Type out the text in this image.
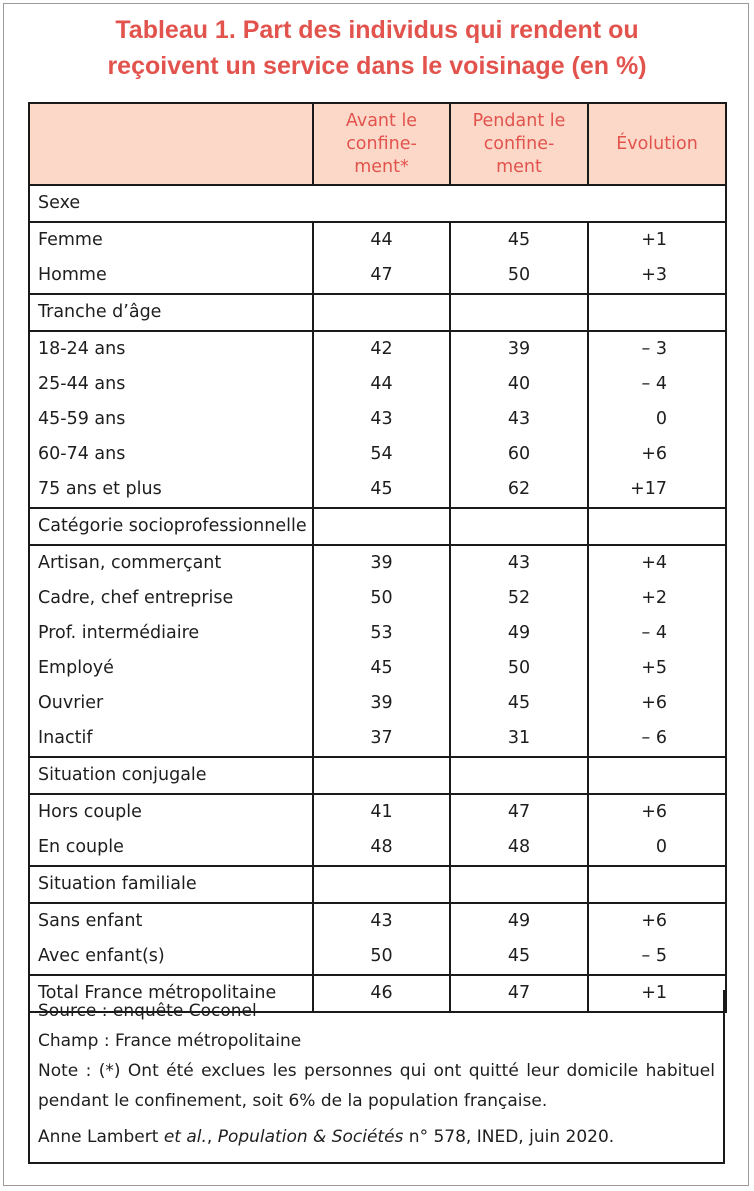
Tableau 1. Part des individus qui rendent ou
reçoivent un service dans le voisinage (en %)
	Avant le confine- ment*	Pendant le confine- ment	Évolution
Sexe			
Femme	44	45	+1
Homme	47	50	+3
Tranche d’âge			
18-24 ans	42	39	– 3
25-44 ans	44	40	– 4
45-59 ans	43	43	0
60-74 ans	54	60	+6
75 ans et plus	45	62	+17
Catégorie socioprofessionnelle			
Artisan, commerçant	39	43	+4
Cadre, chef entreprise	50	52	+2
Prof. intermédiaire	53	49	– 4
Employé	45	50	+5
Ouvrier	39	45	+6
Inactif	37	31	– 6
Situation conjugale			
Hors couple	41	47	+6
En couple	48	48	0
Situation familiale			
Sans enfant	43	49	+6
Avec enfant(s)	50	45	– 5
Total France métropolitaine	46	47	+1

Source : enquête Coconel

Champ : France métropolitaine

Note : (*) Ont été exclues les personnes qui ont quitté leur domicile habituel pendant le confinement, soit 6% de la population française.

Anne Lambert et al., Population & Sociétés n° 578, INED, juin 2020.
